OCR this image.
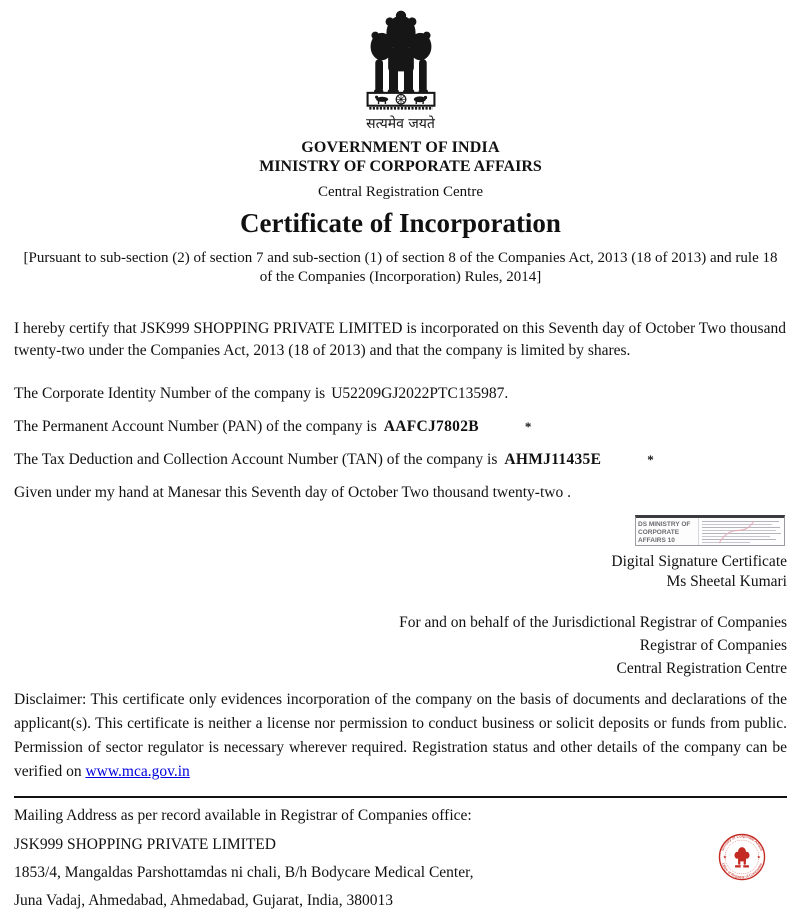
सत्यमेव जयते
GOVERNMENT OF INDIA
MINISTRY OF CORPORATE AFFAIRS
Central Registration Centre
Certificate of Incorporation
[Pursuant to sub-section (2) of section 7 and sub-section (1) of section 8 of the Companies Act, 2013 (18 of 2013) and rule 18 of the Companies (Incorporation) Rules, 2014]

I hereby certify that JSK999 SHOPPING PRIVATE LIMITED is incorporated on this Seventh day of October Two thousand twenty-two under the Companies Act, 2013 (18 of 2013) and that the company is limited by shares.

The Corporate Identity Number of the company is U52209GJ2022PTC135987.

The Permanent Account Number (PAN) of the company is AAFCJ7802B	*

The Tax Deduction and Collection Account Number (TAN) of the company is AHMJ11435E	*

Given under my hand at Manesar this Seventh day of October Two thousand twenty-two .

DS MINISTRY OF
CORPORATE AFFAIRS 10
Digital Signature Certificate
Ms Sheetal Kumari
For and on behalf of the Jurisdictional Registrar of Companies
Registrar of Companies
Central Registration Centre

Disclaimer: This certificate only evidences incorporation of the company on the basis of documents and declarations of the applicant(s). This certificate is neither a license nor permission to conduct business or solicit deposits or funds from public. Permission of sector regulator is necessary wherever required. Registration status and other details of the company can be verified on www.mca.gov.in

Mailing Address as per record available in Registrar of Companies office:

JSK999 SHOPPING PRIVATE LIMITED

1853/4, Mangaldas Parshottamdas ni chali, B/h Bodycare Medical Center,

Juna Vadaj, Ahmedabad, Ahmedabad, Gujarat, India, 380013

Ministry of Corporate Affairs
Office of Registrar of Companies
★	★
